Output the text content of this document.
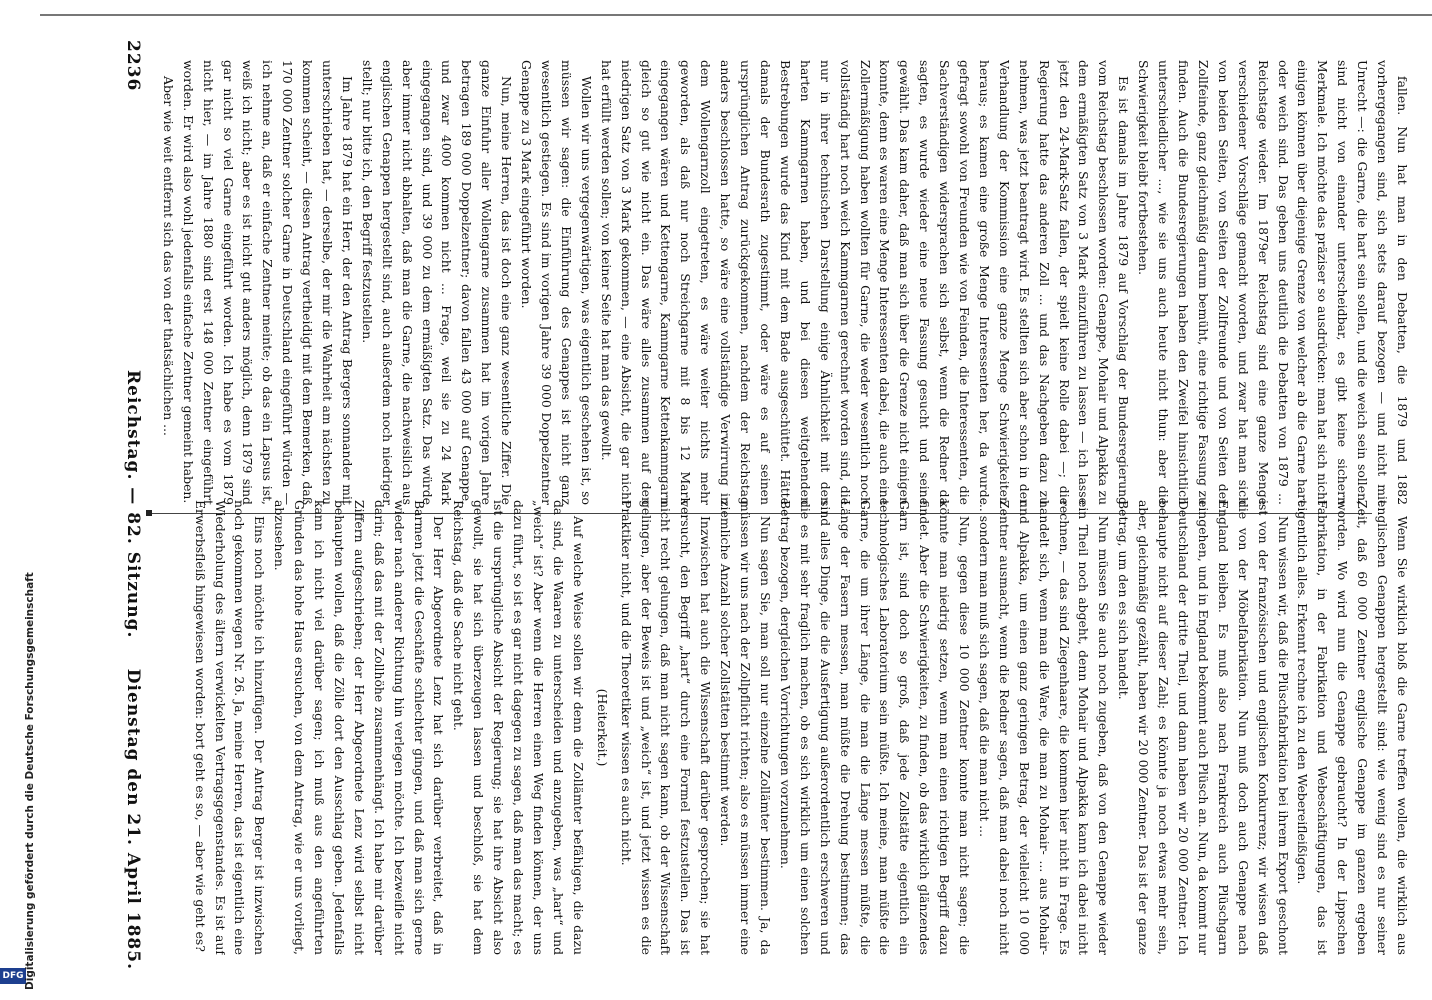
2236
Reichstag. — 82. Sitzung.
Dienstag den 21. April 1885.

fallen. Nun hat man in den Debatten, die 1879 und 1882 vorhergegangen sind, sich stets darauf bezogen — und nicht mit Unrecht —: die Garne, die hart sein sollen, und die weich sein sollen, sind nicht von einander unterscheidbar, es gibt keine sichern Merkmale. Ich möchte das präziser so ausdrücken: man hat sich nicht einigen können über diejenige Grenze von welcher ab die Garne hart oder weich sind. Das geben uns deutlich die Debatten von 1879 ... Reichstage wieder. Im 1879er Reichstag sind eine ganze Menge verschiedener Vorschläge gemacht worden, und zwar hat man sich von beiden Seiten, von Seiten der Zollfreunde und von Seiten der Zollfeinde, ganz gleichmäßig darum bemüht, eine richtige Fassung zu finden. Auch die Bundesregierungen haben den Zweifel hinsichtlich unterschiedlicher ..., wie sie uns auch heute nicht thun: aber die Schwierigkeit bleibt fortbestehen.

Es ist damals im Jahre 1879 auf Vorschlag der Bundesregierung vom Reichstag beschlossen worden: Genappe, Mohair und Alpakka zu dem ermäßigten Satz von 3 Mark einzuführen zu lassen — ich lasse jetzt den 24-Mark-Satz fallen, der spielt keine Rolle dabei —; die Regierung hatte das anderen Zoll ... und das Nachgeben dazu zu nehmen, was jetzt beantragt wird. Es stellten sich aber schon in der Verhandlung der Kommission eine ganze Menge Schwierigkeiten heraus; es kamen eine große Menge Interessenten her, da wurde gefragt sowohl von Freunden wie von Feinden, die Interessenten, die Sachverständigen widersprachen sich selbst, wenn die Redner da sagten, es wurde wieder eine neue Fassung gesucht und seine gewählt. Das kam daher, daß man sich über die Grenze nicht einigen konnte, denn es waren eine Menge Interessenten dabei, die auch eine Zollermäßigung haben wollten für Garne, die weder wesentlich noch vollständig hart noch weich Kammgarnen gerechnet worden sind, die nur in ihrer technischen Darstellung einige Ähnlichkeit mit den harten Kammgarnen haben, und bei diesen weitgehenden Bestrebungen wurde das Kind mit dem Bade ausgeschüttet. Hätte damals der Bundesrath zugestimmt, oder wäre es auf seinen ursprünglichen Antrag zurückgekommen, nachdem der Reichstag anders beschlossen hatte, so wäre eine vollständige Verwirrung in dem Wollengarnzoll eingetreten, es wäre weiter nichts mehr geworden, als daß nur noch Streichgarne mit 8 bis 12 Mark eingegangen wären und Kettengarne, Kammgarne Kettenkammgarn gleich so gut wie nicht ein. Das wäre alles zusammen auf den niedrigen Satz von 3 Mark gekommen, — eine Absicht, die gar nicht hat erfüllt werden sollen; von keiner Seite hat man das gewollt.

Wollen wir uns vergegenwärtigen, was eigentlich geschehen ist, so müssen wir sagen: die Einführung des Genappes ist nicht ganz wesentlich gestiegen. Es sind im vorigen Jahre 39 000 Doppelzentner Genappe zu 3 Mark eingeführt worden.

Nun, meine Herren, das ist doch eine ganz wesentliche Ziffer. Die ganze Einfuhr aller Wollengarne zusammen hat im vorigen Jahre betragen 189 000 Doppelzentner; davon fallen 43 000 auf Genappe, und zwar 4000 kommen nicht ... Frage, weil sie zu 24 Mark eingegangen sind, und 39 000 zu dem ermäßigten Satz. Das würde aber immer nicht abhalten, daß man die Garne, die nachweislich aus englischen Genappen hergestellt sind, auch außerdem noch niedriger stellt; nur bitte ich, den Begriff festzustellen.

Im Jahre 1879 hat ein Herr, der den Antrag Bergers sonnander mit unterschrieben hat, — derselbe, der mir die Wahrheit am nächsten zu kommen scheint, — diesen Antrag vertheidigt mit dem Bemerken, daß 170 000 Zentner solcher Garne in Deutschland eingeführt würden — ich nehme an, daß er einfache Zentner meinte; ob das ein Lapsus ist, weiß ich nicht; aber es ist nicht gut anders möglich, denn 1879 sind gar nicht so viel Garne eingeführt worden. Ich habe es vom 1879 nicht hier, — im Jahre 1880 sind erst 148 000 Zentner eingeführt worden. Er wird also wohl jedenfalls einfache Zentner gemeint haben.

Aber wie weit entfernt sich das von der thatsächlichen ...

Wenn Sie wirklich bloß die Garne treffen wollen, die wirklich aus englischen Genappen hergestellt sind: wie wenig sind es nur seiner Zeit, daß 60 000 Zentner englische Genappe im ganzen ergeben worden. Wo wird nun die Genappe gebraucht? In der Lippschen Fabrikation, in der Fabrikation und Webeschäftigungen, das ist eigentlich alles. Erkennt rechne ich zu den Webereifleißigen.

Nun wissen wir, daß die Plüschfabrikation bei ihrem Export geschont ist von der französischen und englischen Konkurrenz; wir wissen daß die von der Möbelfabrikation. Nun muß doch auch Genappe nach England bleiben. Es muß also nach Frankreich auch Plüschgarn eingehen, und in England bekommt auch Plüsch an. Nun, da kommt nur Deutschland der dritte Theil, und dann haben wir 20 000 Zentner. Ich behaupte nicht auf dieser Zahl; es könnte ja noch etwas mehr sein, aber, gleichmäßig gezählt, haben wir 20 000 Zentner. Das ist der ganze Betrag, um den es sich handelt.

Nun müssen Sie auch noch zugeben, daß von den Genappe wieder ein Theil noch abgeht, denn Mohair und Alpakka kann ich dabei nicht rechnen, — das sind Ziegenhaare, die kommen hier nicht in Frage. Es handelt sich, wenn man die Ware, die man zu Mohair- ... aus Mohair- und Alpakka, um einen ganz geringen Betrag, der vielleicht 10 000 Zentner ausmacht, wenn die Redner sagen, daß man dabei noch nicht ... sondern man muß sich sagen, daß die man nicht ...

Nun, gegen diese 10 000 Zentner konnte man nicht sagen; die könnte man niedrig setzen, wenn man einen richtigen Begriff dazu findet. Aber die Schwierigkeiten, zu finden, ob das wirklich glänzendes Garn ist, sind doch so groß, daß jede Zollstätte eigentlich ein technologisches Laboratorium sein müßte. Ich meine, man müßte die Garne, die um ihrer Länge, die man die Länge messen müßte, die Länge der Fasern messen, man müßte die Drehung bestimmen; das sind alles Dinge, die die Ausfertigung außerordentlich erschweren und die es mit sehr fraglich machen, ob es sich wirklich um einen solchen Betrag bezogen, dergleichen Vorrichtungen vorzunehmen.

Nun sagen Sie, man soll nur einzelne Zollämter bestimmen. Ja, da müssen wir uns nach der Zollpflicht richten; also es müssen immer eine ziemliche Anzahl solcher Zollstätten bestimmt werden.

Inzwischen hat auch die Wissenschaft darüber gesprochen; sie hat versucht, den Begriff „hart“ durch eine Formel festzustellen. Das ist nicht recht gelungen, daß man nicht sagen kann, ob der Wissenschaft gelingen, aber der Beweis ist und „weich“ ist, und jetzt wissen es die Praktiker nicht, und die Theoretiker wissen es auch nicht.

(Heiterkeit.)

Auf welche Weise sollen wir denn die Zollämter befähigen, die dazu da sind, die Waaren zu unterscheiden und anzugeben, was „hart“ und „weich“ ist? Aber wenn die Herren einen Weg finden können, der uns dazu führt, so ist es gar nicht dagegen zu sagen, daß man das macht; es ist die ursprüngliche Absicht der Regierung; sie hat ihre Absicht also gewollt, sie hat sich überzeugen lassen und beschloß, sie hat dem Reichstag, daß die Sache nicht geht.

Der Herr Abgeordnete Lenz hat sich darüber verbreitet, daß in Barmen jetzt die Geschäfte schlechter gingen, und daß man sich gerne wieder nach anderer Richtung hin verlegen möchte. Ich bezweifle nicht darin; daß das mit der Zollhöhe zusammenhängt. Ich habe mir darüber Ziffern aufgeschrieben; der Herr Abgeordnete Lenz wird selbst nicht behaupten wollen, daß die Zölle dort den Ausschlag geben. Jedenfalls kann ich nicht viel darüber sagen; ich muß aus den angeführten Gründen das hohe Haus ersuchen, von dem Antrag, wie er uns vorliegt, abzusehen.

Eins noch möchte ich hinzufügen. Der Antrag Berger ist inzwischen noch gekommen wegen Nr. 26. Ja, meine Herren, das ist eigentlich eine Wiederholung des ältern verwickelten Vertragsgegenstandes. Es ist auf Erwerbsfleiß hingewiesen worden: bort geht es so, — aber wie geht es?

DFG Digitalisierung gefördert durch die Deutsche Forschungsgemeinschaft
